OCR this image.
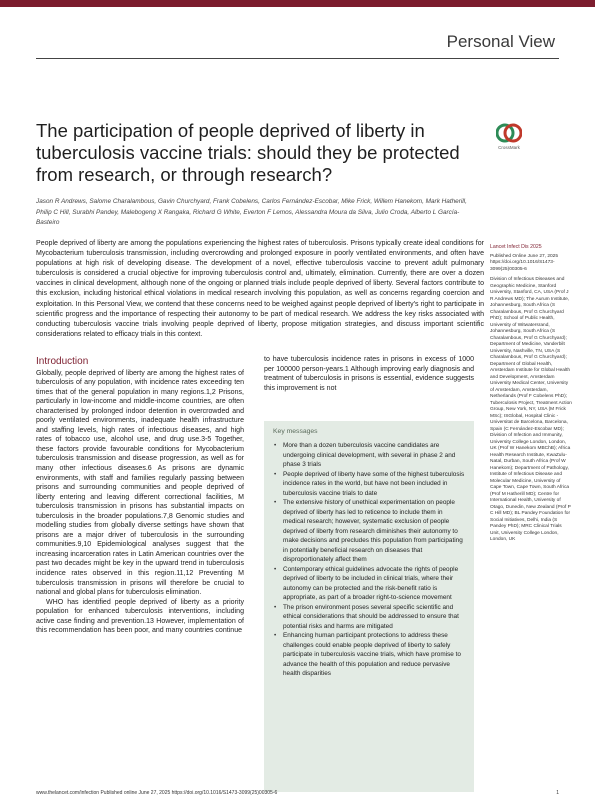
Personal View
The participation of people deprived of liberty in tuberculosis vaccine trials: should they be protected from research, or through research?
CrossMark

Jason R Andrews, Salome Charalambous, Gavin Churchyard, Frank Cobelens, Carlos Fernández-Escobar, Mike Frick, Willem Hanekom, Mark Hatherill, Philip C Hill, Surabhi Pandey, Malebogeng X Rangaka, Richard G White, Everton F Lemos, Alessandra Moura da Silva, Julio Croda, Alberto L García-Basteiro

People deprived of liberty are among the populations experiencing the highest rates of tuberculosis. Prisons typically create ideal conditions for Mycobacterium tuberculosis transmission, including overcrowding and prolonged exposure in poorly ventilated environments, and often have populations at high risk of developing disease. The development of a novel, effective tuberculosis vaccine to prevent adult pulmonary tuberculosis is considered a crucial objective for improving tuberculosis control and, ultimately, elimination. Currently, there are over a dozen vaccines in clinical development, although none of the ongoing or planned trials include people deprived of liberty. Several factors contribute to this exclusion, including historical ethical violations in medical research involving this population, as well as concerns regarding coercion and exploitation. In this Personal View, we contend that these concerns need to be weighed against people deprived of liberty's right to participate in scientific progress and the importance of respecting their autonomy to be part of medical research. We address the key risks associated with conducting tuberculosis vaccine trials involving people deprived of liberty, propose mitigation strategies, and discuss important scientific considerations related to efficacy trials in this context.

Lancet Infect Dis 2025
Published Online June 27, 2025 https://doi.org/10.1016/S1473-3099(25)00305-6
Division of Infectious Diseases and Geographic Medicine, Stanford University, Stanford, CA, USA (Prof J R Andrews MD); The Aurum Institute, Johannesburg, South Africa (S Charalambous, Prof G Churchyard PhD); School of Public Health, University of Witwatersrand, Johannesburg, South Africa (S Charalambous, Prof G Churchyard); Department of Medicine, Vanderbilt University, Nashville, TN, USA (S Charalambous, Prof G Churchyard); Department of Global Health, Amsterdam Institute for Global Health and Development, Amsterdam University Medical Center, University of Amsterdam, Amsterdam, Netherlands (Prof F Cobelens PhD); Tuberculosis Project, Treatment Action Group, New York, NY, USA (M Frick MSc); ISGlobal, Hospital Clinic - Universitat de Barcelona, Barcelona, Spain (C Fernández-Escobar MD); Division of Infection and Immunity, University College London, London, UK (Prof W Hanekom MBChB); Africa Health Research Institute, KwaZulu-Natal, Durban, South Africa (Prof W Hanekom); Department of Pathology, Institute of Infectious Disease and Molecular Medicine, University of Cape Town, Cape Town, South Africa (Prof M Hatherill MD); Centre for International Health, University of Otago, Dunedin, New Zealand (Prof P C Hill MD); BL Pandey Foundation for Social Initiatives, Delhi, India (S Pandey PhD); MRC Clinical Trials Unit, University College London, London, UK
Introduction

Globally, people deprived of liberty are among the highest rates of tuberculosis of any population, with incidence rates exceeding ten times that of the general population in many regions.1,2 Prisons, particularly in low-income and middle-income countries, are often characterised by prolonged indoor detention in overcrowded and poorly ventilated environments, inadequate health infrastructure and staffing levels, high rates of infectious diseases, and high rates of tobacco use, alcohol use, and drug use.3-5 Together, these factors provide favourable conditions for Mycobacterium tuberculosis transmission and disease progression, as well as for many other infectious diseases.6 As prisons are dynamic environments, with staff and families regularly passing between prisons and surrounding communities and people deprived of liberty entering and leaving different correctional facilities, M tuberculosis transmission in prisons has substantial impacts on tuberculosis in the broader populations.7,8 Genomic studies and modelling studies from globally diverse settings have shown that prisons are a major driver of tuberculosis in the surrounding communities.9,10 Epidemiological analyses suggest that the increasing incarceration rates in Latin American countries over the past two decades might be key in the upward trend in tuberculosis incidence rates observed in this region.11,12 Preventing M tuberculosis transmission in prisons will therefore be crucial to national and global plans for tuberculosis elimination.

WHO has identified people deprived of liberty as a priority population for enhanced tuberculosis interventions, including active case finding and prevention.13 However, implementation of this recommendation has been poor, and many countries continue

to have tuberculosis incidence rates in prisons in excess of 1000 per 100000 person-years.1 Although improving early diagnosis and treatment of tuberculosis in prisons is essential, evidence suggests this improvement is not

Key messages
• More than a dozen tuberculosis vaccine candidates are undergoing clinical development, with several in phase 2 and phase 3 trials
• People deprived of liberty have some of the highest tuberculosis incidence rates in the world, but have not been included in tuberculosis vaccine trials to date
• The extensive history of unethical experimentation on people deprived of liberty has led to reticence to include them in medical research; however, systematic exclusion of people deprived of liberty from research diminishes their autonomy to make decisions and precludes this population from participating in potentially beneficial research on diseases that disproportionately affect them
• Contemporary ethical guidelines advocate the rights of people deprived of liberty to be included in clinical trials, where their autonomy can be protected and the risk-benefit ratio is appropriate, as part of a broader right-to-science movement
• The prison environment poses several specific scientific and ethical considerations that should be addressed to ensure that potential risks and harms are mitigated
• Enhancing human participant protections to address these challenges could enable people deprived of liberty to safely participate in tuberculosis vaccine trials, which have promise to advance the health of this population and reduce pervasive health disparities
www.thelancet.com/infection Published online June 27, 2025 https://doi.org/10.1016/S1473-3099(25)00305-6	1
